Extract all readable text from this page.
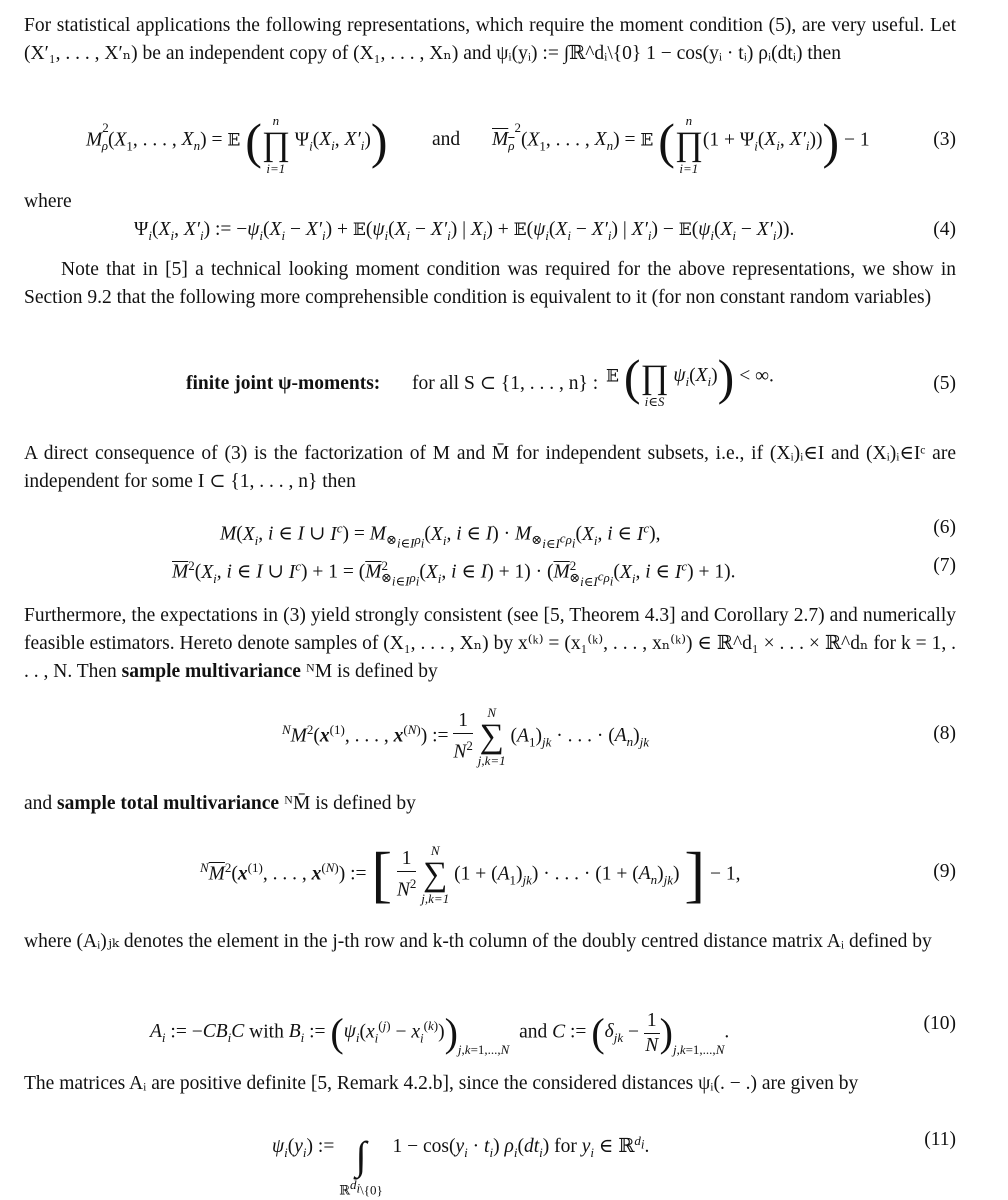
For statistical applications the following representations, which require the moment condition (5), are very useful. Let (X′₁, . . . , X′ₙ) be an independent copy of (X₁, . . . , Xₙ) and ψᵢ(yᵢ) := ∫ℝ^dᵢ\{0} 1 − cos(yᵢ · tᵢ) ρᵢ(dtᵢ) then
$M^2_\rho(X_1$, . . . , $X_n$) = 𝔼 ( n
∏
i=1
$\Psi_i(X_i$, $X'_i$)) and $M_\rho^2(X_1$, . . . , $X_n$) = 𝔼 ( n
∏
i=1
($1 + \Psi_i(X_i$, $X'_i))) - 1$	(3)
where
$\Psi_i(X_i$, $X'_i$) := $-\psi_i(X_i - X'_i)$ + $𝔼(\psi_i(X_i - X'_i)$ | $X_i$) + $𝔼(\psi_i(X_i - X'_i)$ | $X'_i$) − $𝔼(\psi_i(X_i - X'_i))$.	(4)
Note that in [5] a technical looking moment condition was required for the above representations, we show in Section 9.2 that the following more comprehensible condition is equivalent to it (for non constant random variables)
finite joint ψ-moments: for all S ⊂ {1, . . . , n} : 𝔼 ( ∏
i∈S
$\psi_i(X_i)$) < ∞.	(5)
A direct consequence of (3) is the factorization of M and M̄ for independent subsets, i.e., if (Xᵢ)ᵢ∈I and (Xᵢ)ᵢ∈Iᶜ are independent for some I ⊂ {1, . . . , n} then
$M(X_i$, i ∈ I ∪ $I^c) = M_{\otimes_{i\in I}\rho_i}(X_i$, i ∈ $I) \cdot M_{\otimes_{i\in I^c}\rho_i}(X_i$, i ∈ $I^c$),	(6)
$\overline{M}^2(X_i$, i ∈ I ∪ $I^c) + 1 = (\overline{M}^2_{\otimes_{i\in I}\rho_i}(X_i$, i ∈ $I) + 1) \cdot (\overline{M}^2_{\otimes_{i\in I^c}\rho_i}(X_i$, i ∈ $I^c) + 1$).	(7)
Furthermore, the expectations in (3) yield strongly consistent (see [5, Theorem 4.3] and Corollary 2.7) and numerically feasible estimators. Hereto denote samples of (X₁, . . . , Xₙ) by x⁽ᵏ⁾ = (x₁⁽ᵏ⁾, . . . , xₙ⁽ᵏ⁾) ∈ ℝ^d₁ × . . . × ℝ^dₙ for k = 1, . . . , N. Then sample multivariance ᴺM is defined by
$^NM^2(x^{(1)}$, . . . , $x^{(N)}$) := $\frac{1}{N^2}$
	N
∑
j,k=1
$(A_1)_{jk}$ · . . . · $(A_n)_{jk}$	(8)
and sample total multivariance ᴺM̄ is defined by
$^N\overline{M}^2(x^{(1)}$, . . . , $x^{(N)}$) := [ $\frac{1}{N^2}$
	N
∑
j,k=1
$(1 + (A_1)_{jk})$ · . . . · $(1 + (A_n)_{jk})$ ] − 1,	(9)
where (Aᵢ)ⱼₖ denotes the element in the j-th row and k-th column of the doubly centred distance matrix Aᵢ defined by
$A_i$ := $-CB_iC$ with $B_i$ := $(\psi_i(x_i^{(j)} - x_i^{(k)}))_{j,k=1,...,N}$  and C := $(\delta_{jk} - \frac{1}{N} )_{j,k=1,...,N}$.	(10)
The matrices Aᵢ are positive definite [5, Remark 4.2.b], since the considered distances ψᵢ(. − .) are given by
$\psi_i(y_i)$ := ∫
ℝ$^{d_i}$\{0}
$1 - \cos(y_i \cdot t_i)$ $\rho_i(dt_i)$ for $y_i$ ∈ ℝ$^{d_i}$.	(11)
